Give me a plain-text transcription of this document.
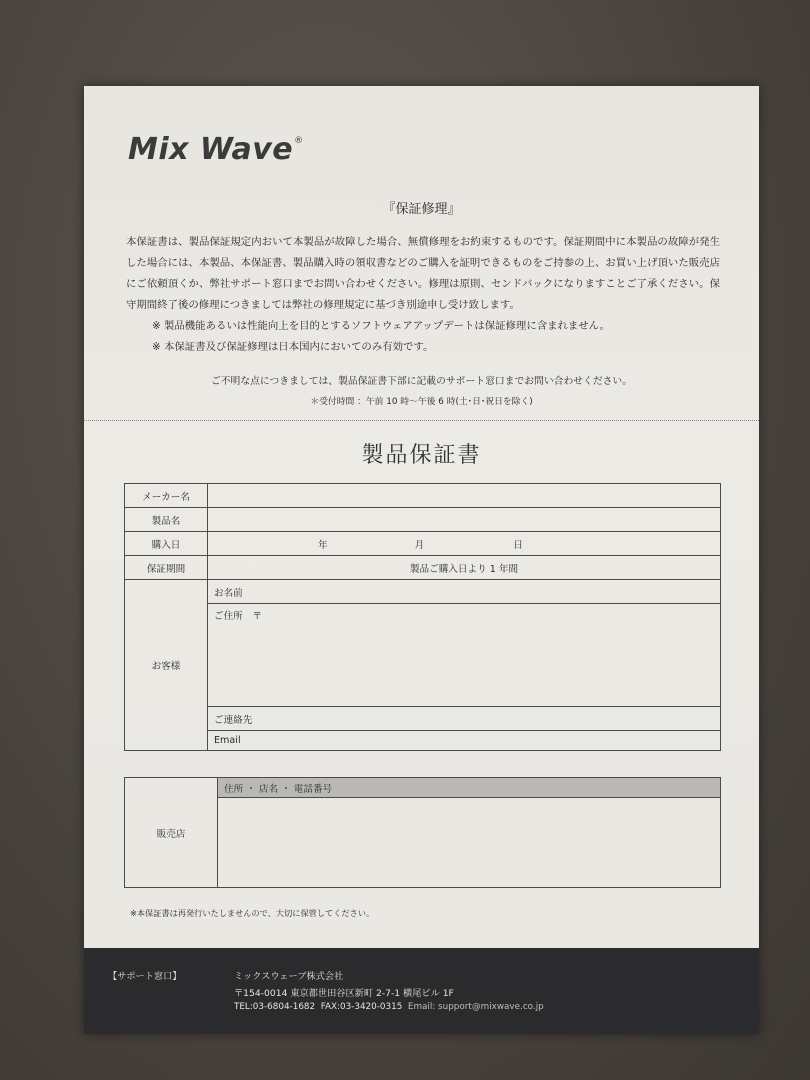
Mix Wave®
『保証修理』

本保証書は、製品保証規定内おいて本製品が故障した場合、無償修理をお約束するものです。保証期間中に本製品の故障が発生した場合には、本製品、本保証書、製品購入時の領収書などのご購入を証明できるものをご持参の上、お買い上げ頂いた販売店にご依頼頂くか、弊社サポート窓口までお問い合わせください。修理は原則、センドバックになりますことご了承ください。保守期間終了後の修理につきましては弊社の修理規定に基づき別途申し受け致します。

※ 製品機能あるいは性能向上を目的とするソフトウェアアップデートは保証修理に含まれません。

※ 本保証書及び保証修理は日本国内においてのみ有効です。

ご不明な点につきましては、製品保証書下部に記載のサポート窓口までお問い合わせください。
＊受付時間 ：午前 10 時〜午後 6 時(土･日･祝日を除く)
製品保証書
メーカー名	
製品名	
購入日	年 月 日
保証期間	製品ご購入日より 1 年間
お客様	お名前
	ご住所　〒
	ご連絡先
	Email
販売店	住所 ・ 店名 ・ 電話番号

※本保証書は再発行いたしませんので、大切に保管してください。
【サポート窓口】	ミックスウェーブ株式会社
〒154-0014 東京都世田谷区新町 2-7-1 横尾ビル 1F
TEL:03-6804-1682 FAX:03-3420-0315 Email: support@mixwave.co.jp
